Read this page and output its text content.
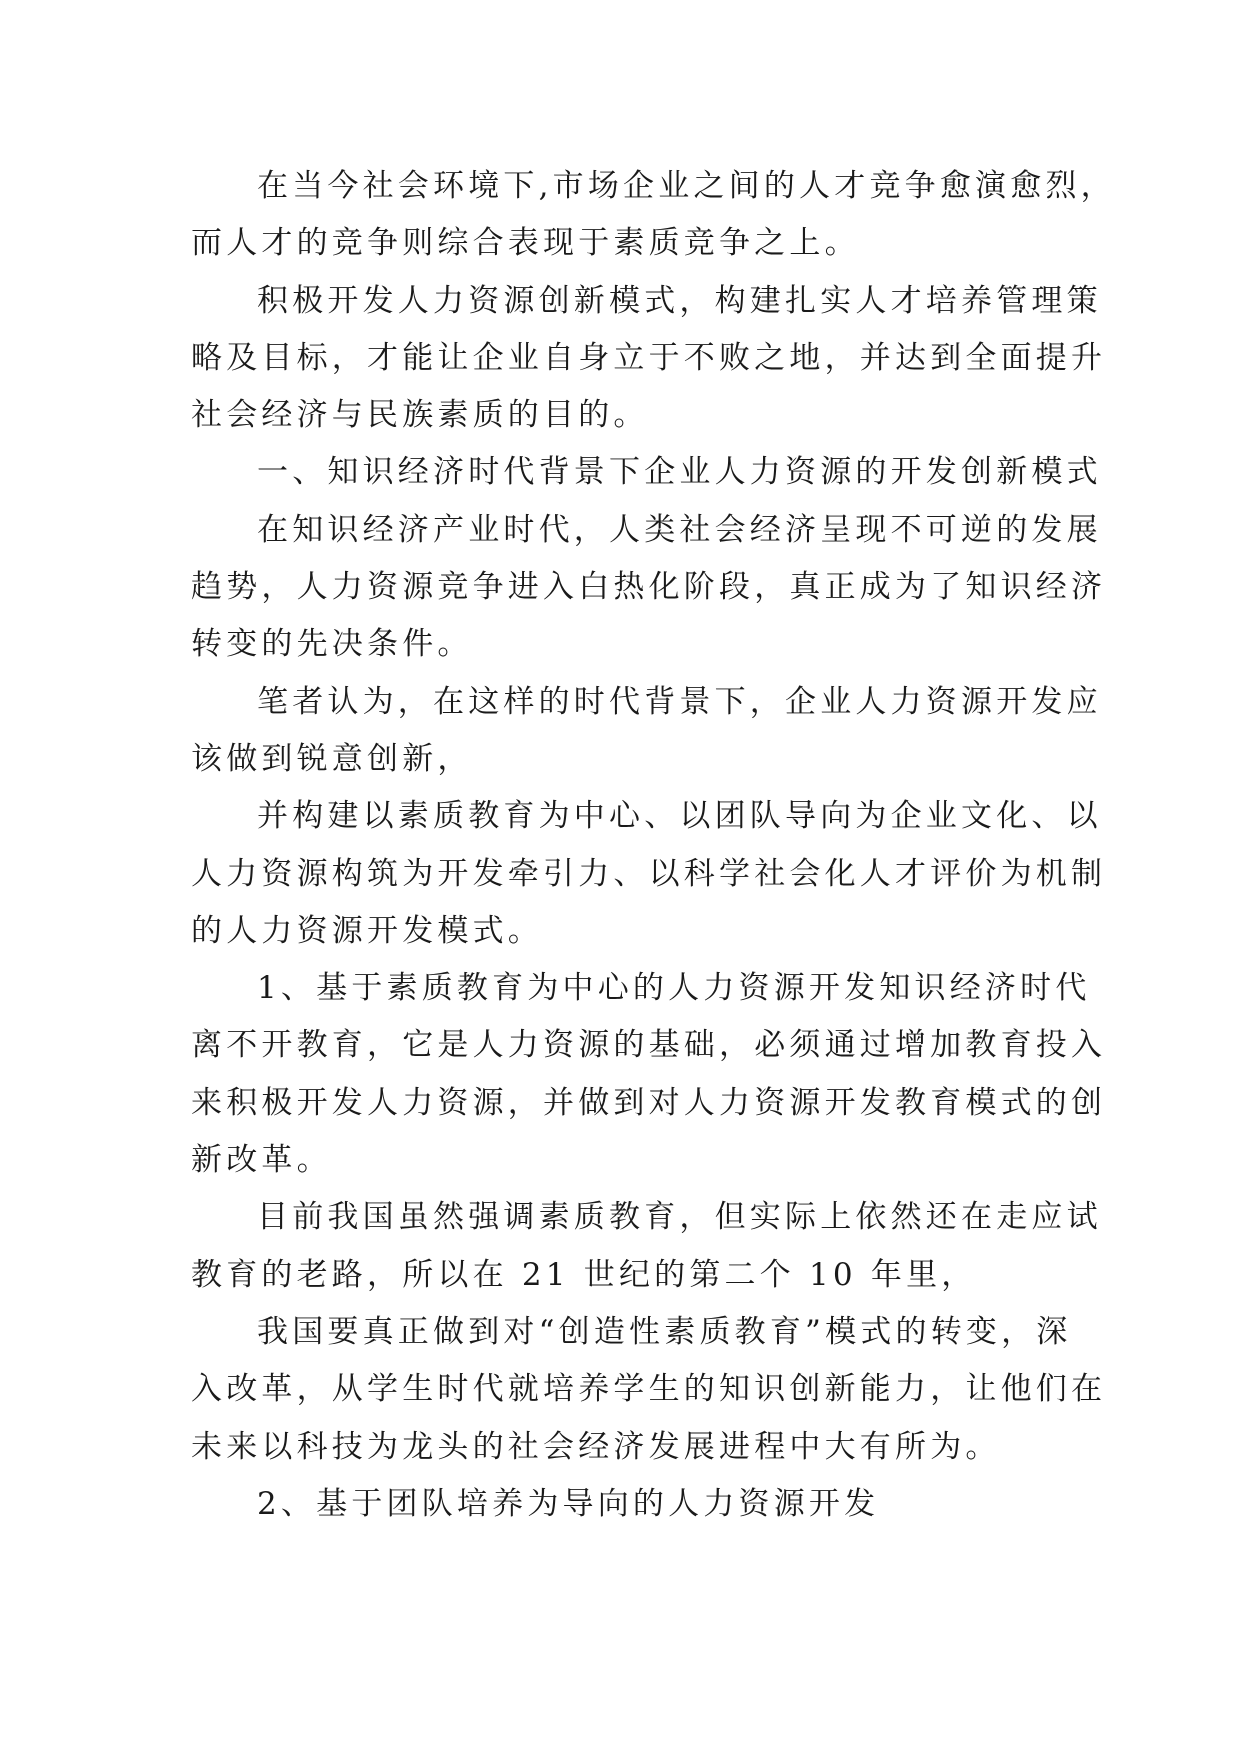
在当今社会环境下,市场企业之间的人才竞争愈演愈烈，
而人才的竞争则综合表现于素质竞争之上。

积极开发人力资源创新模式，构建扎实人才培养管理策
略及目标，才能让企业自身立于不败之地，并达到全面提升
社会经济与民族素质的目的。

一、知识经济时代背景下企业人力资源的开发创新模式

在知识经济产业时代，人类社会经济呈现不可逆的发展
趋势，人力资源竞争进入白热化阶段，真正成为了知识经济
转变的先决条件。

笔者认为，在这样的时代背景下，企业人力资源开发应
该做到锐意创新，

并构建以素质教育为中心、以团队导向为企业文化、以
人力资源构筑为开发牵引力、以科学社会化人才评价为机制
的人力资源开发模式。

1、基于素质教育为中心的人力资源开发知识经济时代
离不开教育，它是人力资源的基础，必须通过增加教育投入
来积极开发人力资源，并做到对人力资源开发教育模式的创
新改革。

目前我国虽然强调素质教育，但实际上依然还在走应试
教育的老路，所以在 21 世纪的第二个 10 年里，

我国要真正做到对“创造性素质教育”模式的转变，深
入改革，从学生时代就培养学生的知识创新能力，让他们在
未来以科技为龙头的社会经济发展进程中大有所为。

2、基于团队培养为导向的人力资源开发
